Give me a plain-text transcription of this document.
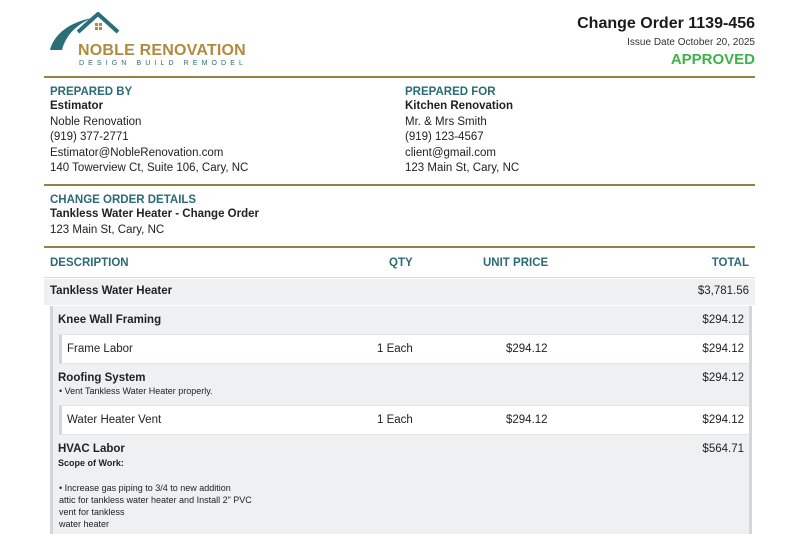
NOBLE RENOVATION
DESIGN BUILD REMODEL
Change Order 1139-456
Issue Date October 20, 2025
APPROVED
PREPARED BY
Estimator
Noble Renovation
(919) 377-2771
Estimator@NobleRenovation.com
140 Towerview Ct, Suite 106, Cary, NC
PREPARED FOR
Kitchen Renovation
Mr. & Mrs Smith
(919) 123-4567
client@gmail.com
123 Main St, Cary, NC
CHANGE ORDER DETAILS
Tankless Water Heater - Change Order
123 Main St, Cary, NC
DESCRIPTION	QTY	UNIT PRICE	TOTAL
Tankless Water Heater	$3,781.56
Knee Wall Framing	$294.12
Frame Labor	1 Each	$294.12	$294.12
Roofing System	$294.12
• Vent Tankless Water Heater properly.
Water Heater Vent	1 Each	$294.12	$294.12
HVAC Labor	$564.71
Scope of Work:
• Increase gas piping to 3/4 to new addition
attic for tankless water heater and Install 2" PVC
vent for tankless
water heater
